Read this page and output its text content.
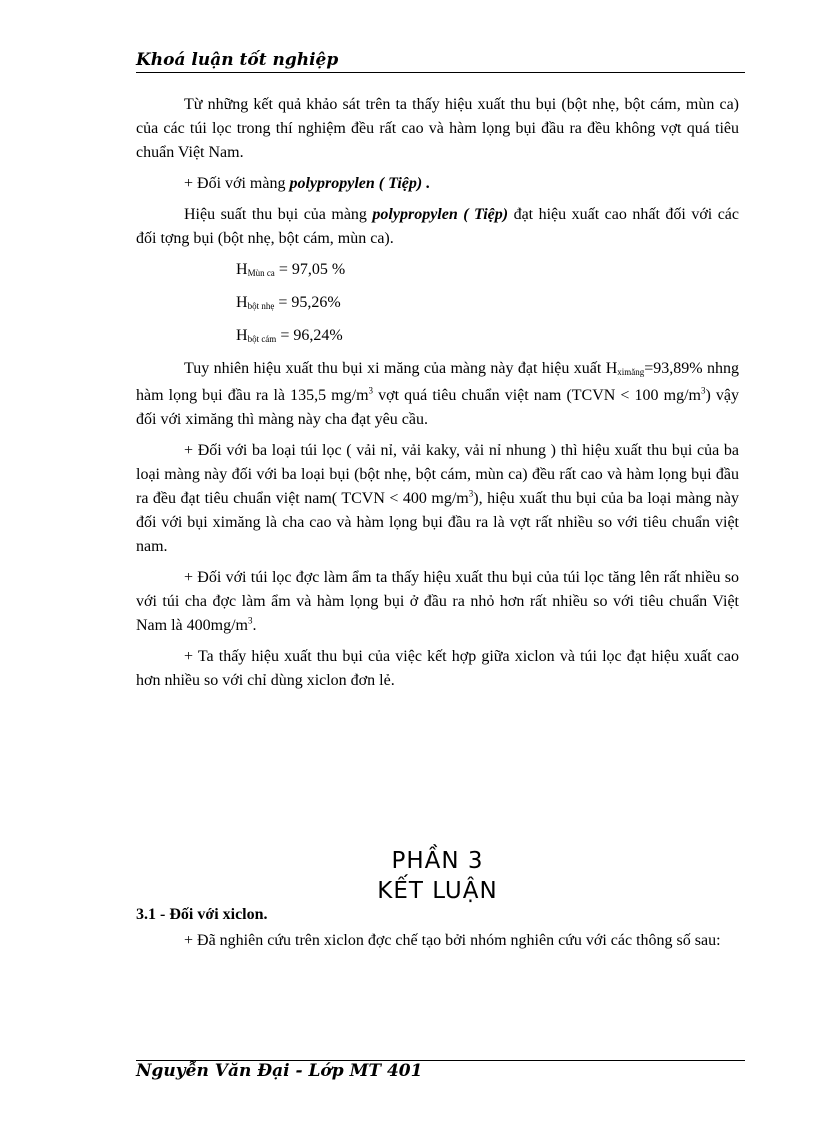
Khoá luận tốt nghiệp

Từ những kết quả khảo sát trên ta thấy hiệu xuất thu bụi (bột nhẹ, bột cám, mùn ca) của các túi lọc trong thí nghiệm đều rất cao và hàm lọng bụi đầu ra đều không vợt quá tiêu chuẩn Việt Nam.

+ Đối với màng polypropylen ( Tiệp) .

Hiệu suất thu bụi của màng polypropylen ( Tiệp) đạt hiệu xuất cao nhất đối với các đối tợng bụi (bột nhẹ, bột cám, mùn ca).

$H_{Mùn ca} = 97,05$ %
$H_{bột nhẹ} = 95,26\%$
$H_{bột cám} = 96,24\%$

Tuy nhiên hiệu xuất thu bụi xi măng của màng này đạt hiệu xuất Hximăng=93,89% nhng hàm lọng bụi đầu ra là 135,5 $mg/m^3$ vợt quá tiêu chuẩn việt nam (TCVN < 100 $mg/m^3$) vậy đối với ximăng thì màng này cha đạt yêu cầu.

+ Đối với ba loại túi lọc ( vải nỉ, vải kaky, vải nỉ nhung ) thì hiệu xuất thu bụi của ba loại màng này đối với ba loại bụi (bột nhẹ, bột cám, mùn ca) đều rất cao và hàm lọng bụi đầu ra đều đạt tiêu chuẩn việt nam( TCVN < 400 $mg/m^3$), hiệu xuất thu bụi của ba loại màng này đối với bụi ximăng là cha cao và hàm lọng bụi đầu ra là vợt rất nhiều so với tiêu chuẩn việt nam.

+ Đối với túi lọc đợc làm ẩm ta thấy hiệu xuất thu bụi của túi lọc tăng lên rất nhiều so với túi cha đợc làm ẩm và hàm lọng bụi ở đầu ra nhỏ hơn rất nhiều so với tiêu chuẩn Việt Nam là $400mg/m^3$.

+ Ta thấy hiệu xuất thu bụi của việc kết hợp giữa xiclon và túi lọc đạt hiệu xuất cao hơn nhiều so với chỉ dùng xiclon đơn lẻ.

PHẦN 3
KẾT LUẬN
3.1 - Đối với xiclon.

+ Đã nghiên cứu trên xiclon đợc chế tạo bởi nhóm nghiên cứu với các thông số sau:

Nguyễn Văn Đại - Lớp MT 401
